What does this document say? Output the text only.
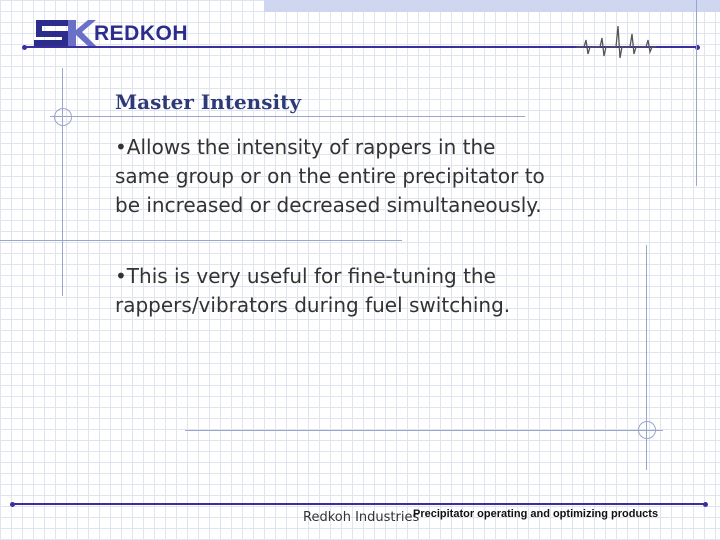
REDKOH
Master Intensity
•Allows the intensity of rappers in the same group or on the entire precipitator to be increased or decreased simultaneously.
•This is very useful for fine-tuning the rappers/vibrators during fuel switching.
Redkoh Industries
Precipitator operating and optimizing products
